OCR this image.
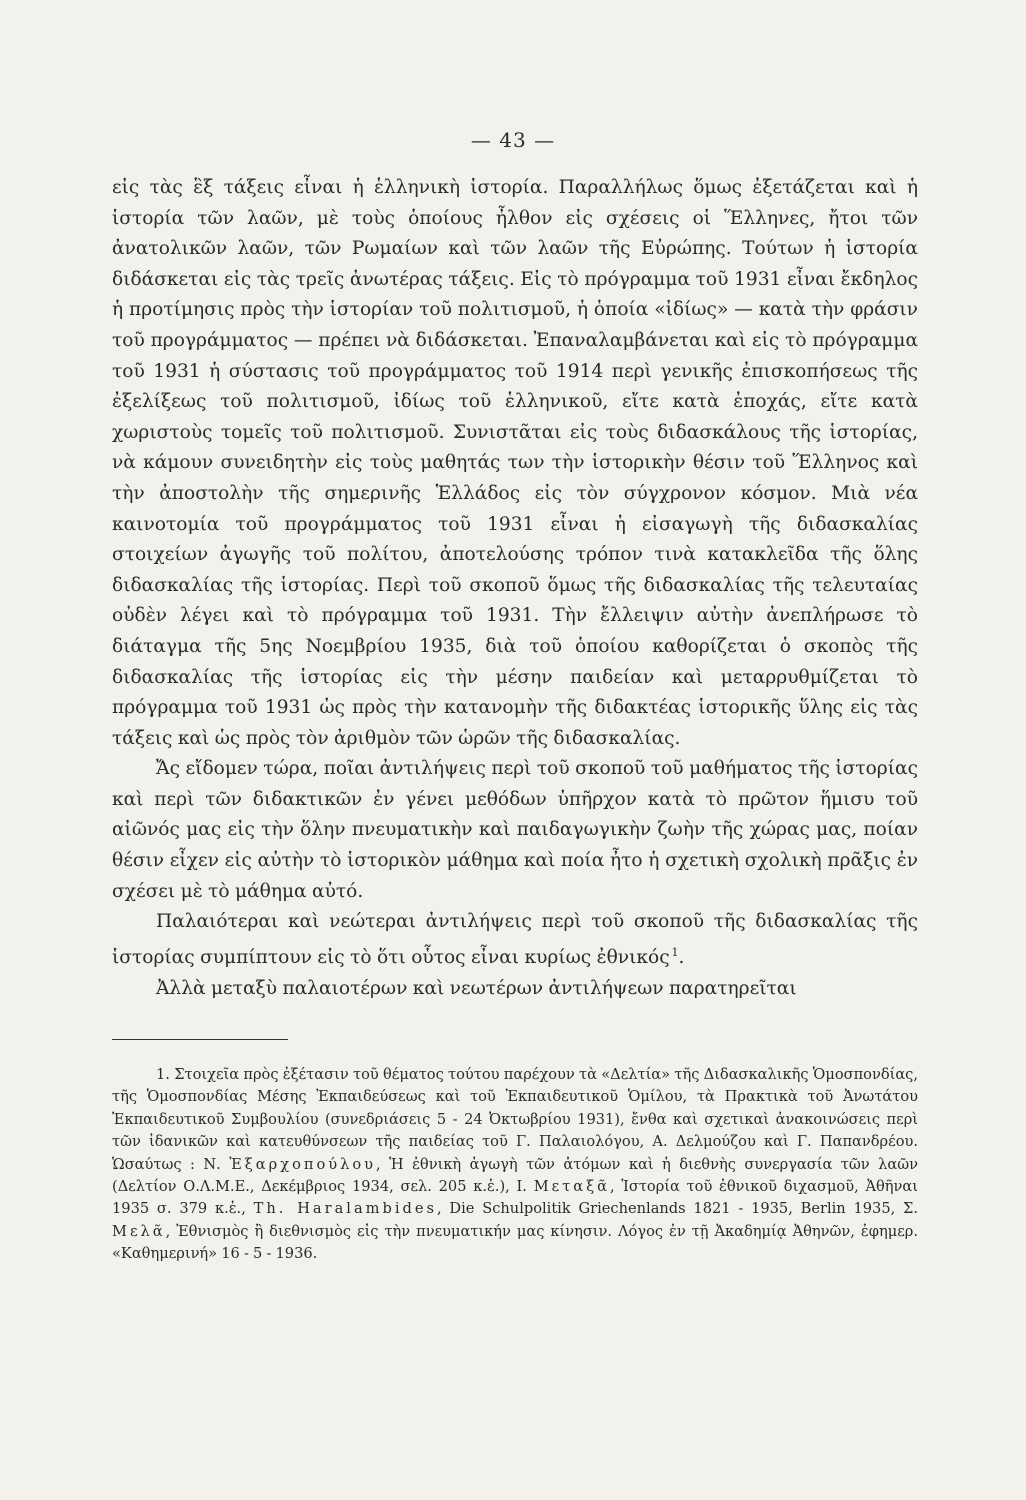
— 43 —

εἰς τὰς ἓξ τάξεις εἶναι ἡ ἑλληνικὴ ἱστορία. Παραλλήλως ὅμως ἐξετάζεται καὶ ἡ ἱστορία τῶν λαῶν, μὲ τοὺς ὁποίους ἦλθον εἰς σχέσεις οἱ Ἕλληνες, ἤτοι τῶν ἀνατολικῶν λαῶν, τῶν Ρωμαίων καὶ τῶν λαῶν τῆς Εὐρώπης. Τούτων ἡ ἱστορία διδάσκεται εἰς τὰς τρεῖς ἀνωτέρας τάξεις. Εἰς τὸ πρόγραμμα τοῦ 1931 εἶναι ἔκδηλος ἡ προτίμησις πρὸς τὴν ἱστορίαν τοῦ πολιτισμοῦ, ἡ ὁποία «ἰδίως» — κατὰ τὴν φράσιν τοῦ προγράμματος — πρέπει νὰ διδάσκεται. Ἐπαναλαμβάνεται καὶ εἰς τὸ πρόγραμμα τοῦ 1931 ἡ σύστασις τοῦ προγράμματος τοῦ 1914 περὶ γενικῆς ἐπισκοπήσεως τῆς ἐξελίξεως τοῦ πολιτισμοῦ, ἰδίως τοῦ ἑλληνικοῦ, εἴτε κατὰ ἐποχάς, εἴτε κατὰ χωριστοὺς τομεῖς τοῦ πολιτισμοῦ. Συνιστᾶται εἰς τοὺς διδασκάλους τῆς ἱστορίας, νὰ κάμουν συνειδητὴν εἰς τοὺς μαθητάς των τὴν ἱστορικὴν θέσιν τοῦ Ἕλληνος καὶ τὴν ἀποστολὴν τῆς σημερινῆς Ἑλλάδος εἰς τὸν σύγχρονον κόσμον. Μιὰ νέα καινοτομία τοῦ προγράμματος τοῦ 1931 εἶναι ἡ εἰσαγωγὴ τῆς διδασκαλίας στοιχείων ἀγωγῆς τοῦ πολίτου, ἀποτελούσης τρόπον τινὰ κατακλεῖδα τῆς ὅλης διδασκαλίας τῆς ἱστορίας. Περὶ τοῦ σκοποῦ ὅμως τῆς διδασκαλίας τῆς τελευταίας οὐδὲν λέγει καὶ τὸ πρόγραμμα τοῦ 1931. Τὴν ἔλλειψιν αὐτὴν ἀνεπλήρωσε τὸ διάταγμα τῆς 5ης Νοεμβρίου 1935, διὰ τοῦ ὁποίου καθορίζεται ὁ σκοπὸς τῆς διδασκαλίας τῆς ἱστορίας εἰς τὴν μέσην παιδείαν καὶ μεταρρυθμίζεται τὸ πρόγραμμα τοῦ 1931 ὡς πρὸς τὴν κατανομὴν τῆς διδακτέας ἱστορικῆς ὕλης εἰς τὰς τάξεις καὶ ὡς πρὸς τὸν ἀριθμὸν τῶν ὡρῶν τῆς διδασκαλίας.

Ἄς εἴδομεν τώρα, ποῖαι ἀντιλήψεις περὶ τοῦ σκοποῦ τοῦ μαθήματος τῆς ἱστορίας καὶ περὶ τῶν διδακτικῶν ἐν γένει μεθόδων ὑπῆρχον κατὰ τὸ πρῶτον ἥμισυ τοῦ αἰῶνός μας εἰς τὴν ὅλην πνευματικὴν καὶ παιδαγωγικὴν ζωὴν τῆς χώρας μας, ποίαν θέσιν εἶχεν εἰς αὐτὴν τὸ ἱστορικὸν μάθημα καὶ ποία ἦτο ἡ σχετικὴ σχολικὴ πρᾶξις ἐν σχέσει μὲ τὸ μάθημα αὐτό.

Παλαιότεραι καὶ νεώτεραι ἀντιλήψεις περὶ τοῦ σκοποῦ τῆς διδασκαλίας τῆς ἱστορίας συμπίπτουν εἰς τὸ ὅτι οὗτος εἶναι κυρίως ἐθνικός  $^1$.

Ἀλλὰ μεταξὺ παλαιοτέρων καὶ νεωτέρων ἀντιλήψεων παρατηρεῖται

1. Στοιχεῖα πρὸς ἐξέτασιν τοῦ θέματος τούτου παρέχουν τὰ «Δελτία» τῆς Διδασκαλικῆς Ὁμοσπονδίας, τῆς Ὁμοσπονδίας Μέσης Ἐκπαιδεύσεως καὶ τοῦ Ἐκπαιδευτικοῦ Ὁμίλου, τὰ Πρακτικὰ τοῦ Ἀνωτάτου Ἐκπαιδευτικοῦ Συμβουλίου (συνεδριάσεις 5 - 24 Ὀκτωβρίου 1931), ἔνθα καὶ σχετικαὶ ἀνακοινώσεις περὶ τῶν ἰδανικῶν καὶ κατευθύνσεων τῆς παιδείας τοῦ Γ. Παλαιολόγου, Α. Δελμούζου καὶ Γ. Παπανδρέου. Ὡσαύτως : Ν. Ἐξαρχοπούλου, Ἡ ἐθνικὴ ἀγωγὴ τῶν ἀτόμων καὶ ἡ διεθνὴς συνεργασία τῶν λαῶν (Δελτίον Ο.Λ.Μ.Ε., Δεκέμβριος 1934, σελ. 205 κ.ἑ.), Ι. Μεταξᾶ, Ἱστορία τοῦ ἐθνικοῦ διχασμοῦ, Ἀθῆναι 1935 σ. 379 κ.ἑ., Th. Haralambides, Die Schulpolitik Griechenlands 1821 - 1935, Berlin 1935, Σ. Μελᾶ, Ἐθνισμὸς ἢ διεθνισμὸς εἰς τὴν πνευματικήν μας κίνησιν. Λόγος ἐν τῇ Ἀκαδημίᾳ Ἀθηνῶν, ἐφημερ. «Καθημερινή» 16 - 5 - 1936.
